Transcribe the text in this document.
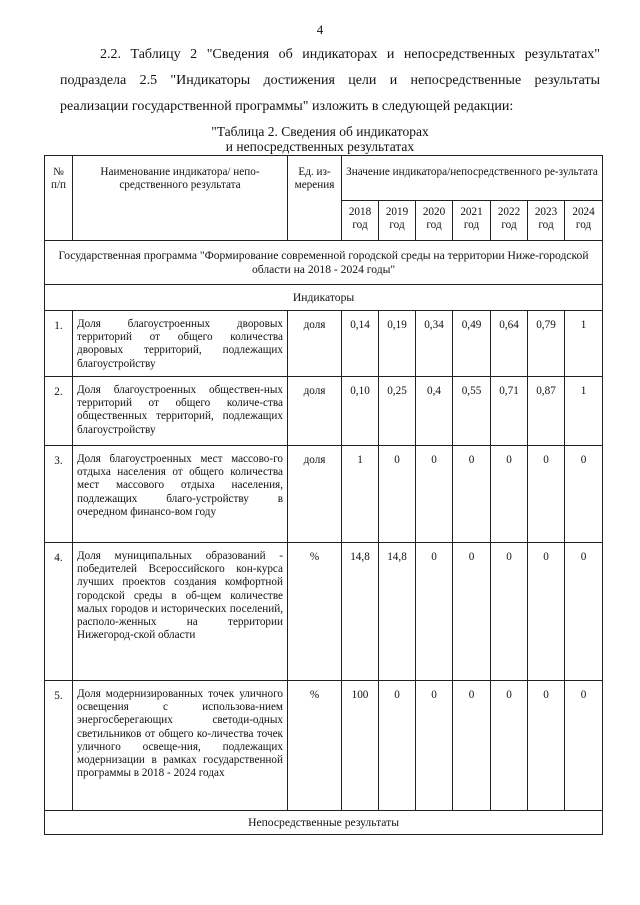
4

2.2. Таблицу 2 "Сведения об индикаторах и непосредственных результатах" подраздела 2.5 "Индикаторы достижения цели и непосредственные результаты реализации государственной программы" изложить в следующей редакции:

"Таблица 2. Сведения об индикаторах
и непосредственных результатах
№ п/п	Наименование индикатора/ непо-средственного результата	Ед. из-мерения	Значение индикатора/непосредственного ре-зультата						
			2018 год	2019 год	2020 год	2021 год	2022 год	2023 год	2024 год
Государственная программа "Формирование современной городской среды на территории Ниже-городской области на 2018 - 2024 годы"									
Индикаторы									
1.	Доля благоустроенных дворовых территорий от общего количества дворовых территорий, подлежащих благоустройству	доля	0,14	0,19	0,34	0,49	0,64	0,79	1
2.	Доля благоустроенных обществен-ных территорий от общего количе-ства общественных территорий, подлежащих благоустройству	доля	0,10	0,25	0,4	0,55	0,71	0,87	1
3.	Доля благоустроенных мест массово-го отдыха населения от общего количества мест массового отдыха населения, подлежащих благо-устройству в очередном финансо-вом году	доля	1	0	0	0	0	0	0
4.	Доля муниципальных образований - победителей Всероссийского кон-курса лучших проектов создания комфортной городской среды в об-щем количестве малых городов и исторических поселений, располо-женных на территории Нижегород-ской области	%	14,8	14,8	0	0	0	0	0
5.	Доля модернизированных точек уличного освещения с использова-нием энергосберегающих светоди-одных светильников от общего ко-личества точек уличного освеще-ния, подлежащих модернизации в рамках государственной программы в 2018 - 2024 годах	%	100	0	0	0	0	0	0
Непосредственные результаты									
